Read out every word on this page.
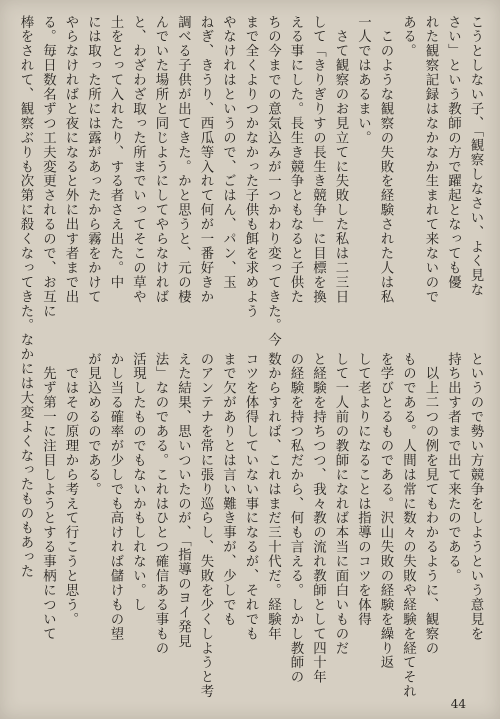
こうとしない子、「観察しなさい、よく見な
さい」という教師の方で躍起となっても優
れた観察記録はなかなか生まれて来ないので
ある。
　このような観察の失敗を経験された人は私
一人ではあるまい。
　さて観察のお見立てに失敗した私は二三日
して「きりぎりすの長生き競争」に目標を換
える事にした。長生き競争ともなると子供た
ちの今までの意気込みが一つかわり変ってきた。今
まで全くよりつかなかった子供も餌を求めよう
やなけれはというので、ごはん、パン、玉
ねぎ、きうり、西瓜等入れて何が一番好きか
調べる子供が出てきた。かと思うと、元の棲
んでいた場所と同じようにしてやらなければ
と、わざわざ取った所までいってそこの草や
土をとって入れたり、する者さえ出た。中
には取った所には露があったから霧をかけて
やらなければと夜になると外に出す者まで出
る。毎日数名ずつ工夫変更されるので、お互に
棒をされて、観察ぶりも次第に殺くなってきた。なかには大変よくなったものもあった	というので勢い方競争をしようという意見を
持ち出す者まで出て来たのである。
　以上二つの例を見てもわかるように、観察の
ものである。人間は常に数々の失敗や経験を経てそれ
を学びとるものである。沢山失敗の経験を繰り返
して老よりになることは指導のコツを体得
して一人前の教師になれば本当に面白いものだ
と経験を持ちつつ、我々教の流れ教師として四十年
の経験を持つ私だから、何も言える。しかし教師の
数からすれば、これはまだ三十代だ。経験年
コツを体得していない事になるが、それでも
まで欠がありとは言い難き事が、少しでも
のアンテナを常に張り巡らし、失敗を少くしようと考
えた結果、思いついたのが、「指導のヨイ発見
法」なのである。これはひとつ確信ある事もの
活現したものでもないかもしれない。し
かし当る確率が少しでも高ければ儲けもの望
が見込めるのである。
　ではその原理から考えて行こうと思う。
　先ず第一に注目しようとする事柄について
44
